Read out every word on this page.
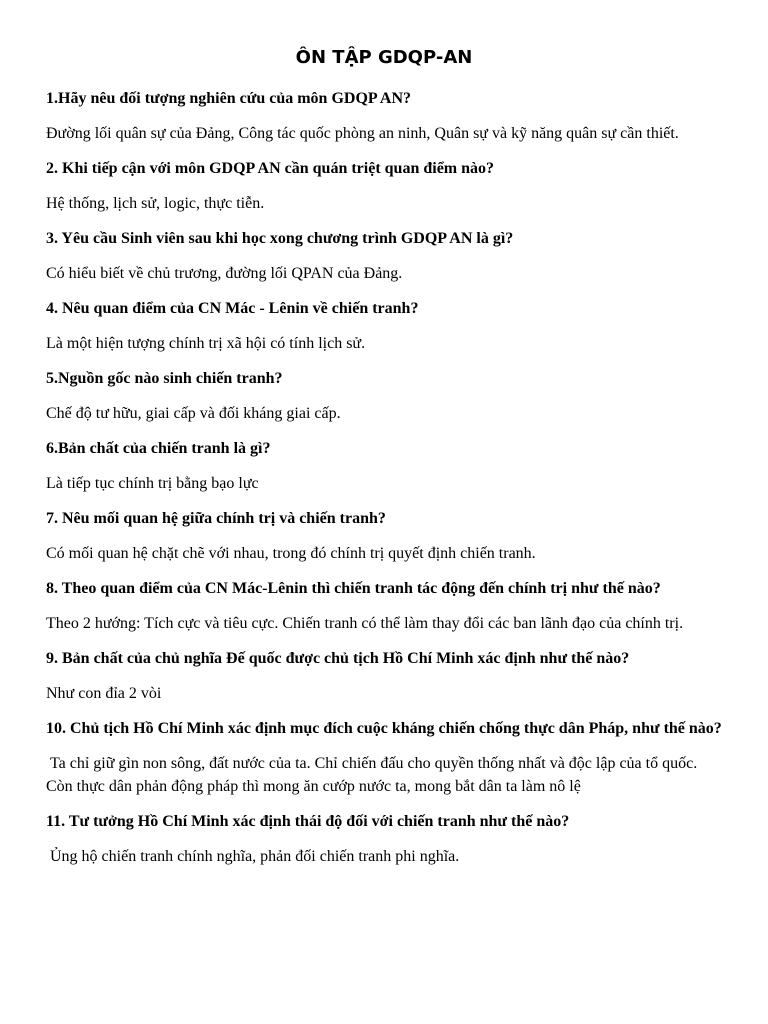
ÔN TẬP GDQP-AN
1.Hãy nêu đối tượng nghiên cứu của môn GDQP AN?
Đường lối quân sự của Đảng, Công tác quốc phòng an ninh, Quân sự và kỹ năng quân sự cần thiết.
2. Khi tiếp cận với môn GDQP AN cần quán triệt quan điểm nào?
Hệ thống, lịch sử, logic, thực tiễn.
3. Yêu cầu Sinh viên sau khi học xong chương trình GDQP AN là gì?
Có hiểu biết về chủ trương, đường lối QPAN của Đảng.
4. Nêu quan điểm của CN Mác - Lênin về chiến tranh?
Là một hiện tượng chính trị xã hội có tính lịch sử.
5.Nguồn gốc nào sinh chiến tranh?
Chế độ tư hữu, giai cấp và đối kháng giai cấp.
6.Bản chất của chiến tranh là gì?
Là tiếp tục chính trị bằng bạo lực
7. Nêu mối quan hệ giữa chính trị và chiến tranh?
Có mối quan hệ chặt chẽ với nhau, trong đó chính trị quyết định chiến tranh.
8. Theo quan điểm của CN Mác-Lênin thì chiến tranh tác động đến chính trị như thế nào?
Theo 2 hướng: Tích cực và tiêu cực. Chiến tranh có thể làm thay đổi các ban lãnh đạo của chính trị.
9. Bản chất của chủ nghĩa Đế quốc được chủ tịch Hồ Chí Minh xác định như thế nào?
Như con đỉa 2 vòi
10. Chủ tịch Hồ Chí Minh xác định mục đích cuộc kháng chiến chống thực dân Pháp, như thế nào?
Ta chỉ giữ gìn non sông, đất nước của ta. Chỉ chiến đấu cho quyền thống nhất và độc lập của tổ quốc. Còn thực dân phản động pháp thì mong ăn cướp nước ta, mong bắt dân ta làm nô lệ
11. Tư tưởng Hồ Chí Minh xác định thái độ đối với chiến tranh như thế nào?
Ủng hộ chiến tranh chính nghĩa, phản đối chiến tranh phi nghĩa.
